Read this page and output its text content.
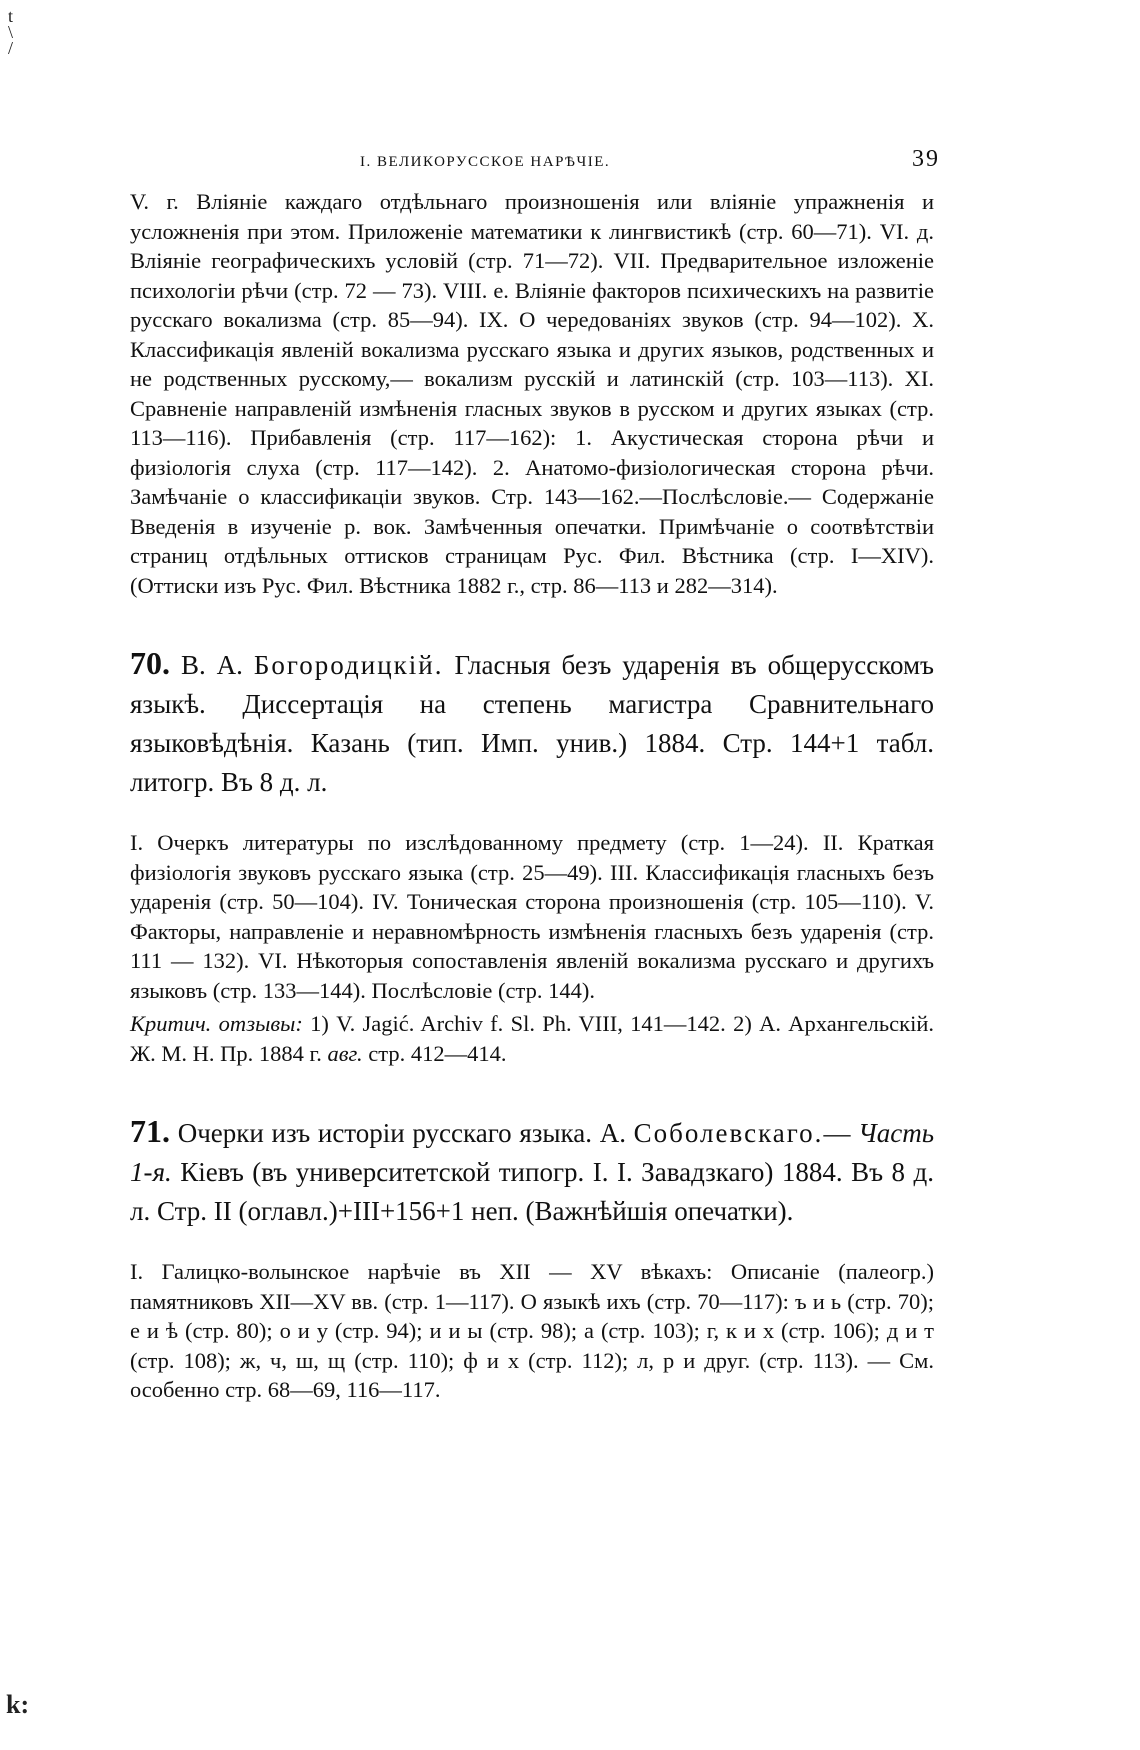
t
\
/
I. ВЕЛИКОРУССКОЕ НАРѢЧІЕ.	39

V. г. Вліяніе каждаго отдѣльнаго произношенія или вліяніе упражненія и усложненія при этом. Приложеніе математики к лингвистикѣ (стр. 60—71). VI. д. Вліяніе географическихъ условій (стр. 71—72). VII. Предварительное изложеніе психологіи рѣчи (стр. 72 — 73). VIII. е. Вліяніе факторов психическихъ на развитіе русскаго вокализма (стр. 85—94). IX. О чередованіях звуков (стр. 94—102). X. Классификація явленій вокализма русскаго языка и других языков, родственных и не родственных русскому,— вокализм русскій и латинскій (стр. 103—113). XI. Сравненіе направленій измѣненія гласных звуков в русском и других языках (стр. 113—116). Прибавленія (стр. 117—162): 1. Акустическая сторона рѣчи и физіологія слуха (стр. 117—142). 2. Анатомо-физіологическая сторона рѣчи. Замѣчаніе о классификаціи звуков. Стр. 143—162.—Послѣсловіе.— Содержаніе Введенія в изученіе р. вок. Замѣченныя опечатки. Примѣчаніе о соотвѣтствіи страниц отдѣльных оттисков страницам Рус. Фил. Вѣстника (стр. I—XIV). (Оттиски изъ Рус. Фил. Вѣстника 1882 г., стр. 86—113 и 282—314).

70. В. А. Богородицкій. Гласныя безъ ударенія въ общерусскомъ языкѣ. Диссертація на степень магистра Сравнительнаго языковѣдѣнія. Казань (тип. Имп. унив.) 1884. Стр. 144+1 табл. литогр. Въ 8 д. л.

I. Очеркъ литературы по изслѣдованному предмету (стр. 1—24). II. Краткая физіологія звуковъ русскаго языка (стр. 25—49). III. Классификація гласныхъ безъ ударенія (стр. 50—104). IV. Тоническая сторона произношенія (стр. 105—110). V. Факторы, направленіе и неравномѣрность измѣненія гласныхъ безъ ударенія (стр. 111 — 132). VI. Нѣкоторыя сопоставленія явленій вокализма русскаго и другихъ языковъ (стр. 133—144). Послѣсловіе (стр. 144).

Критич. отзывы: 1) V. Jagić. Archiv f. Sl. Ph. VIII, 141—142. 2) А. Архангельскій. Ж. М. Н. Пр. 1884 г. авг. стр. 412—414.

71. Очерки изъ исторіи русскаго языка. А. Соболевскаго.— Часть 1-я. Кіевъ (въ университетской типогр. I. I. Завадзкаго) 1884. Въ 8 д. л. Стр. II (оглавл.)+III+156+1 неп. (Важнѣйшія опечатки).

I. Галицко-волынское нарѣчіе въ XII — XV вѣкахъ: Описаніе (палеогр.) памятниковъ XII—XV вв. (стр. 1—117). О языкѣ ихъ (стр. 70—117): ъ и ь (стр. 70); е и ѣ (стр. 80); о и у (стр. 94); и и ы (стр. 98); а (стр. 103); г, к и х (стр. 106); д и т (стр. 108); ж, ч, ш, щ (стр. 110); ф и х (стр. 112); л, р и друг. (стр. 113). — См. особенно стр. 68—69, 116—117.

k:
